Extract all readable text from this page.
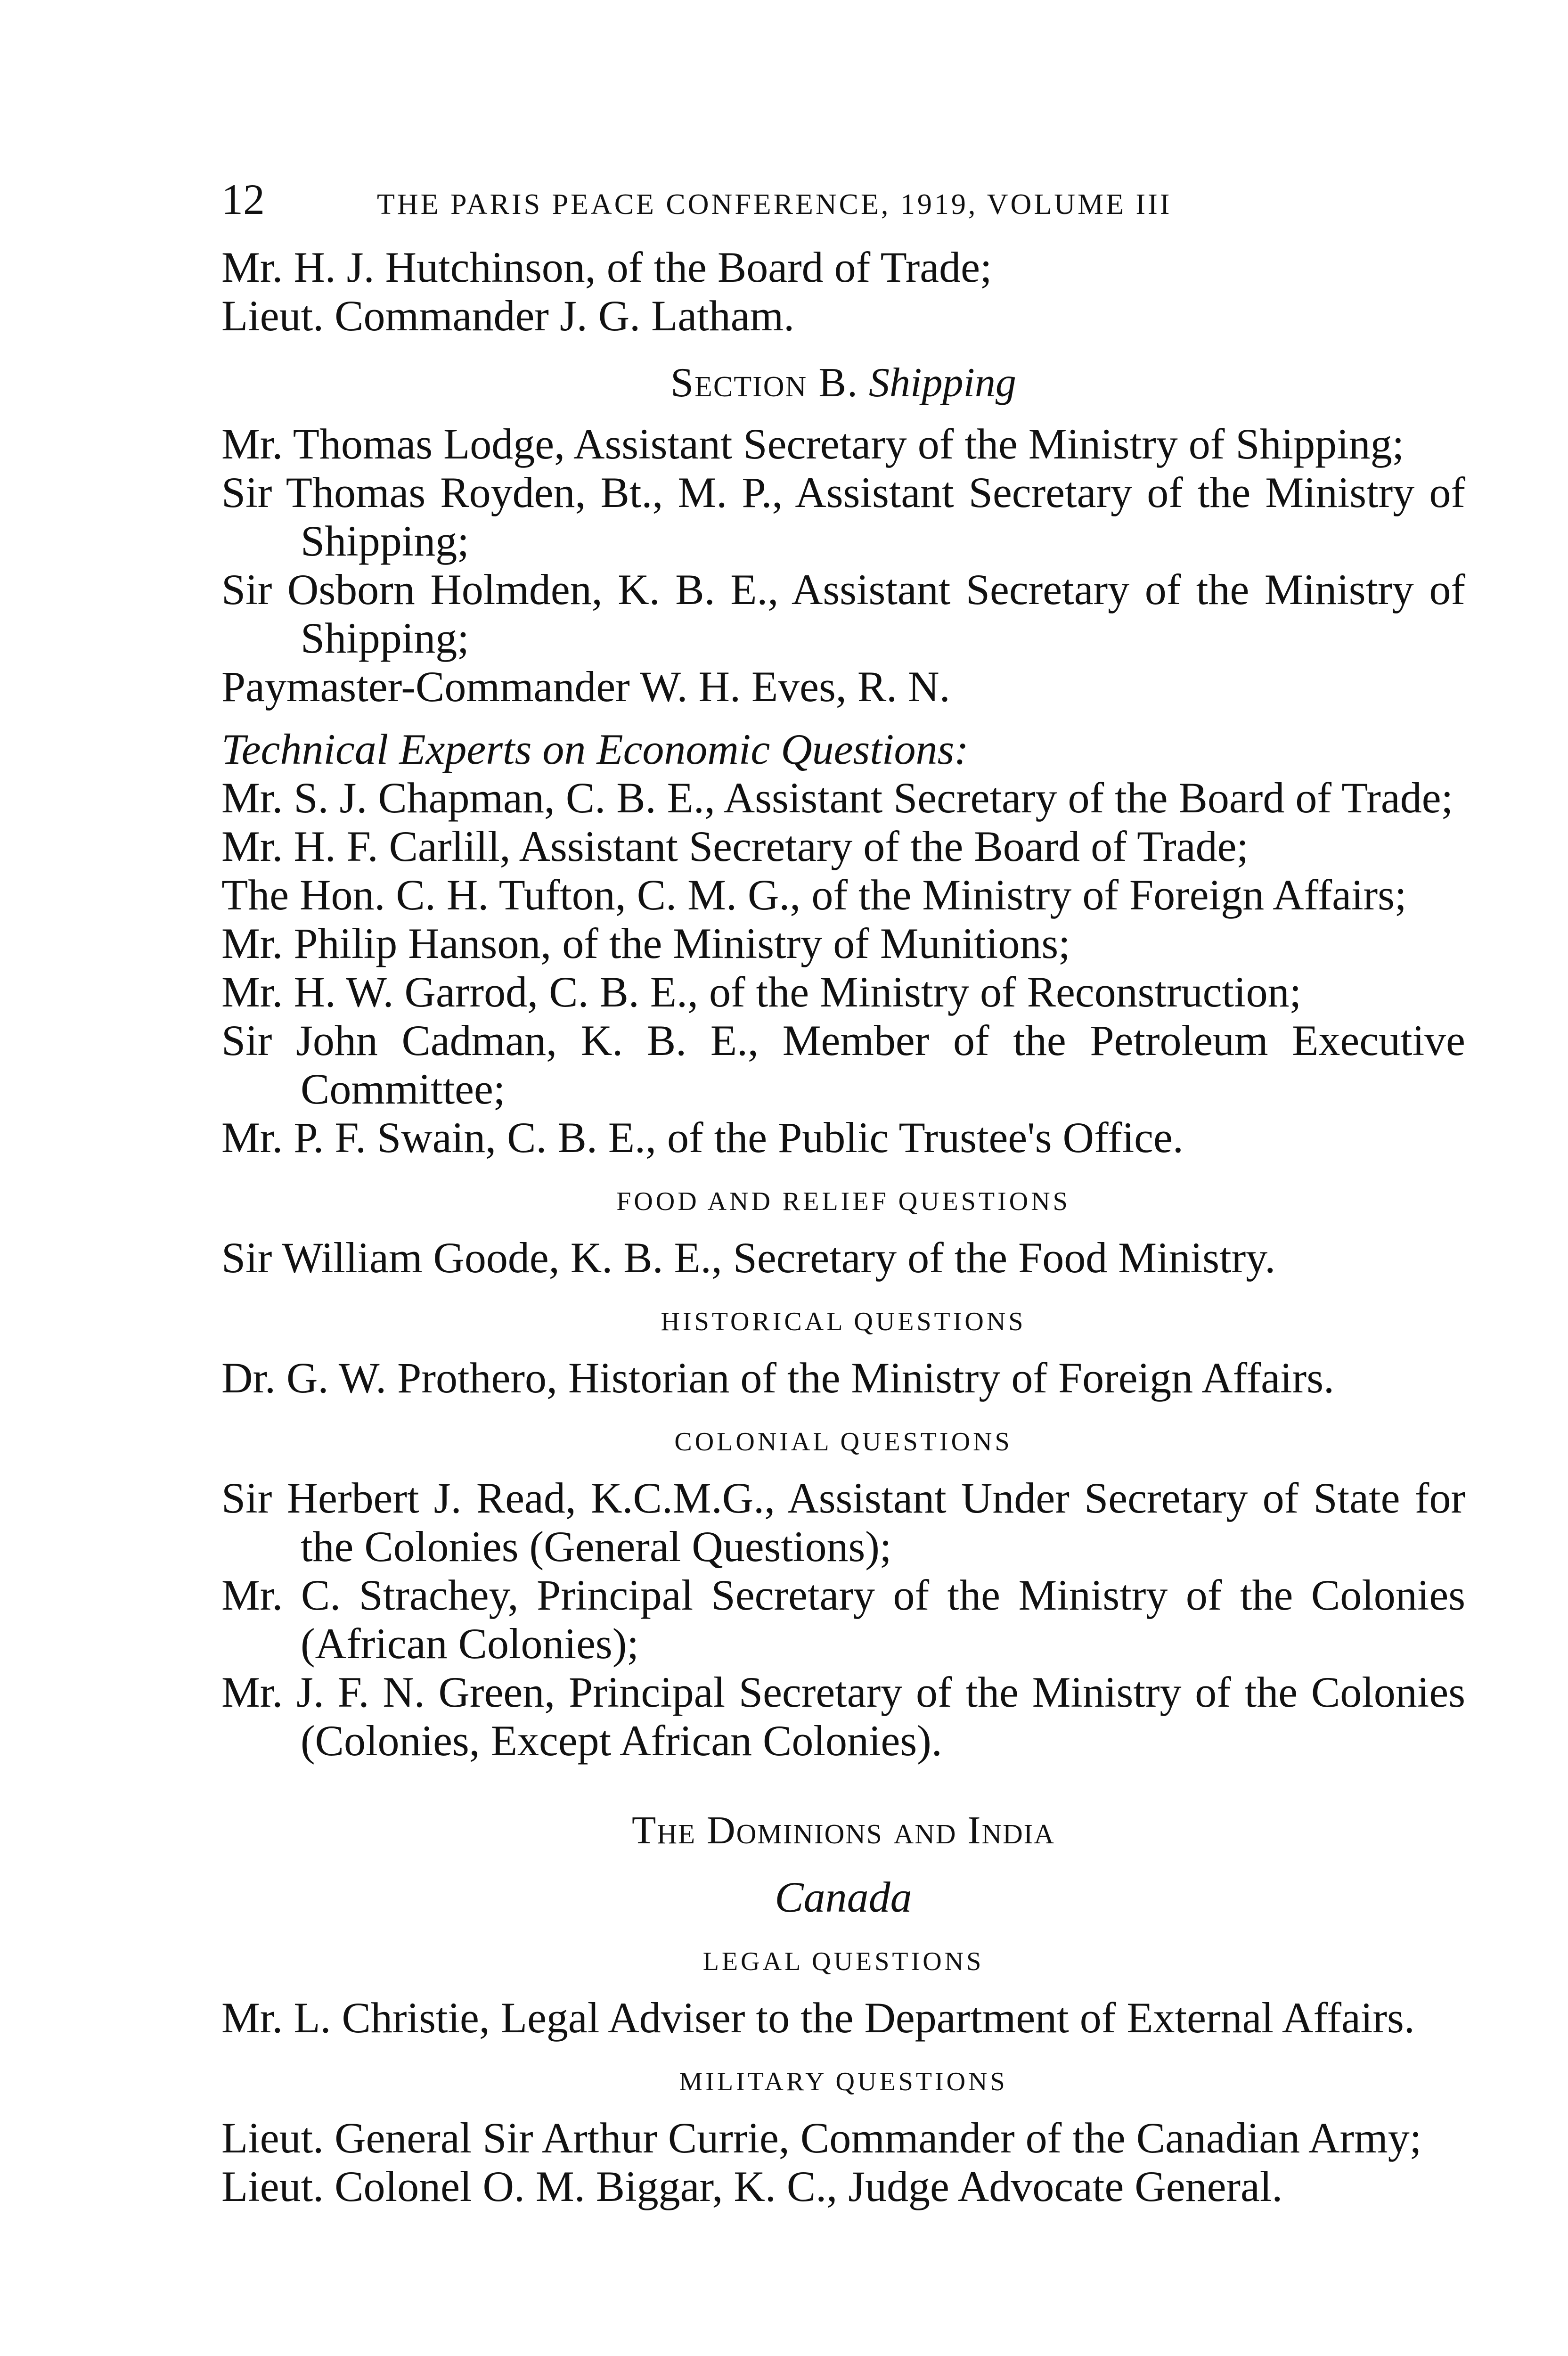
12	THE PARIS PEACE CONFERENCE, 1919, VOLUME III
Mr. H. J. Hutchinson, of the Board of Trade;
Lieut. Commander J. G. Latham.
Section B. Shipping
Mr. Thomas Lodge, Assistant Secretary of the Ministry of Shipping;
Sir Thomas Royden, Bt., M. P., Assistant Secretary of the Ministry of Shipping;
Sir Osborn Holmden, K. B. E., Assistant Secretary of the Ministry of Shipping;
Paymaster-Commander W. H. Eves, R. N.
Technical Experts on Economic Questions:
Mr. S. J. Chapman, C. B. E., Assistant Secretary of the Board of Trade;
Mr. H. F. Carlill, Assistant Secretary of the Board of Trade;
The Hon. C. H. Tufton, C. M. G., of the Ministry of Foreign Affairs;
Mr. Philip Hanson, of the Ministry of Munitions;
Mr. H. W. Garrod, C. B. E., of the Ministry of Reconstruction;
Sir John Cadman, K. B. E., Member of the Petroleum Executive Committee;
Mr. P. F. Swain, C. B. E., of the Public Trustee's Office.
FOOD AND RELIEF QUESTIONS
Sir William Goode, K. B. E., Secretary of the Food Ministry.
HISTORICAL QUESTIONS
Dr. G. W. Prothero, Historian of the Ministry of Foreign Affairs.
COLONIAL QUESTIONS
Sir Herbert J. Read, K.C.M.G., Assistant Under Secretary of State for the Colonies (General Questions);
Mr. C. Strachey, Principal Secretary of the Ministry of the Colonies (African Colonies);
Mr. J. F. N. Green, Principal Secretary of the Ministry of the Colonies (Colonies, Except African Colonies).
The Dominions and India
Canada
LEGAL QUESTIONS
Mr. L. Christie, Legal Adviser to the Department of External Affairs.
MILITARY QUESTIONS
Lieut. General Sir Arthur Currie, Commander of the Canadian Army;
Lieut. Colonel O. M. Biggar, K. C., Judge Advocate General.
